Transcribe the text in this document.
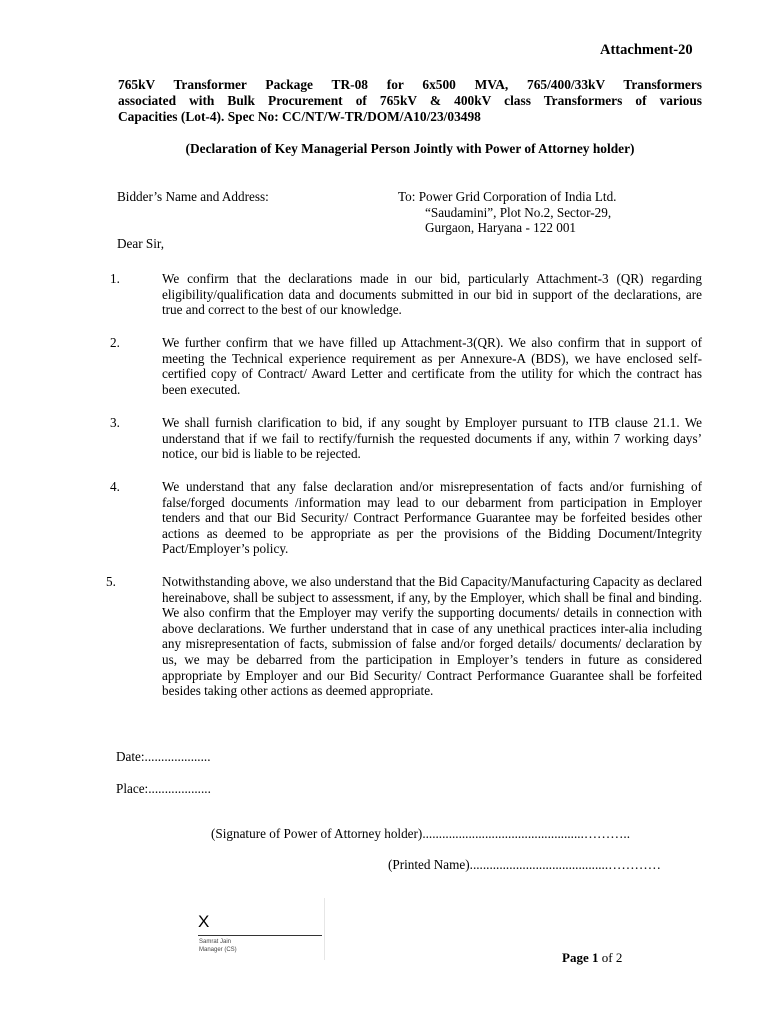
Attachment-20
765kV Transformer Package TR-08 for 6x500 MVA, 765/400/33kV Transformers
associated with Bulk Procurement of 765kV & 400kV class Transformers of various
Capacities (Lot-4). Spec No: CC/NT/W-TR/DOM/A10/23/03498
(Declaration of Key Managerial Person Jointly with Power of Attorney holder)
Bidder’s Name and Address:	To: Power Grid Corporation of India Ltd.
“Saudamini”, Plot No.2, Sector-29,
Gurgaon, Haryana - 122 001
Dear Sir,
1.	We confirm that the declarations made in our bid, particularly Attachment-3 (QR) regarding eligibility/qualification data and documents submitted in our bid in support of the declarations, are true and correct to the best of our knowledge.
2.	We further confirm that we have filled up Attachment-3(QR). We also confirm that in support of meeting the Technical experience requirement as per Annexure-A (BDS), we have enclosed self-certified copy of Contract/ Award Letter and certificate from the utility for which the contract has been executed.
3.	We shall furnish clarification to bid, if any sought by Employer pursuant to ITB clause 21.1. We understand that if we fail to rectify/furnish the requested documents if any, within 7 working days’ notice, our bid is liable to be rejected.
4.	We understand that any false declaration and/or misrepresentation of facts and/or furnishing of false/forged documents /information may lead to our debarment from participation in Employer tenders and that our Bid Security/ Contract Performance Guarantee may be forfeited besides other actions as deemed to be appropriate as per the provisions of the Bidding Document/Integrity Pact/Employer’s policy.
5.	Notwithstanding above, we also understand that the Bid Capacity/Manufacturing Capacity as declared hereinabove, shall be subject to assessment, if any, by the Employer, which shall be final and binding. We also confirm that the Employer may verify the supporting documents/ details in connection with above declarations. We further understand that in case of any unethical practices inter-alia including any misrepresentation of facts, submission of false and/or forged details/ documents/ declaration by us, we may be debarred from the participation in Employer’s tenders in future as considered appropriate by Employer and our Bid Security/ Contract Performance Guarantee shall be forfeited besides taking other actions as deemed appropriate.
Date:....................
Place:...................
(Signature of Power of Attorney holder).................................................………..
(Printed Name)..........................................…………
X
Samrat Jain
Manager (CS)	Page 1 of 2
